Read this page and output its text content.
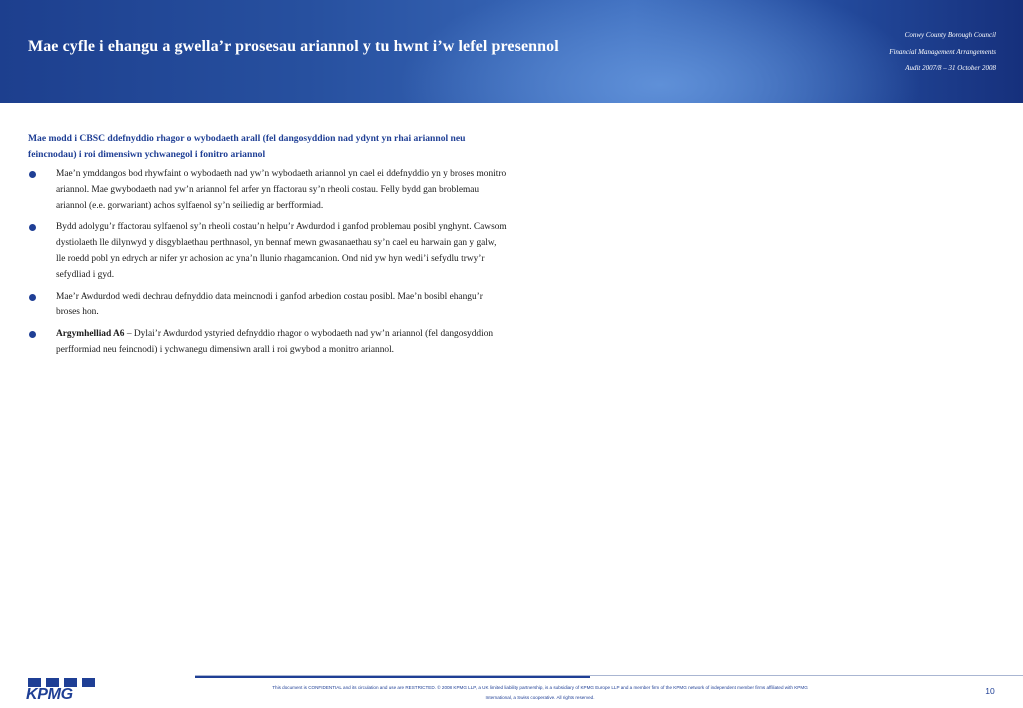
Mae cyfle i ehangu a gwella’r prosesau ariannol y tu hwnt i’w lefel presennol
Conwy County Borough Council
Financial Management Arrangements
Audit 2007/8 – 31 October 2008

Mae modd i CBSC ddefnyddio rhagor o wybodaeth arall (fel dangosyddion nad ydynt yn rhai ariannol neu feincnodau) i roi dimensiwn ychwanegol i fonitro ariannol

Mae’n ymddangos bod rhywfaint o wybodaeth nad yw’n wybodaeth ariannol yn cael ei ddefnyddio yn y broses monitro ariannol. Mae gwybodaeth nad yw’n ariannol fel arfer yn ffactorau sy’n rheoli costau. Felly bydd gan broblemau ariannol (e.e. gorwariant) achos sylfaenol sy’n seiliedig ar berfformiad.
Bydd adolygu’r ffactorau sylfaenol sy’n rheoli costau’n helpu’r Awdurdod i ganfod problemau posibl ynghynt. Cawsom dystiolaeth lle dilynwyd y disgyblaethau perthnasol, yn bennaf mewn gwasanaethau sy’n cael eu harwain gan y galw, lle roedd pobl yn edrych ar nifer yr achosion ac yna’n llunio rhagamcanion. Ond nid yw hyn wedi’i sefydlu trwy’r sefydliad i gyd.
Mae’r Awdurdod wedi dechrau defnyddio data meincnodi i ganfod arbedion costau posibl. Mae’n bosibl ehangu’r broses hon.
Argymhelliad A6 – Dylai’r Awdurdod ystyried defnyddio rhagor o wybodaeth nad yw’n ariannol (fel dangosyddion perfformiad neu feincnodi) i ychwanegu dimensiwn arall i roi gwybod a monitro ariannol.
KPMG	This document is CONFIDENTIAL and its circulation and use are RESTRICTED. © 2008 KPMG LLP, a UK limited liability partnership, is a subsidiary of KPMG Europe LLP and a member firm of the KPMG network of independent member firms affiliated with KPMG
International, a Swiss cooperative. All rights reserved.
10
